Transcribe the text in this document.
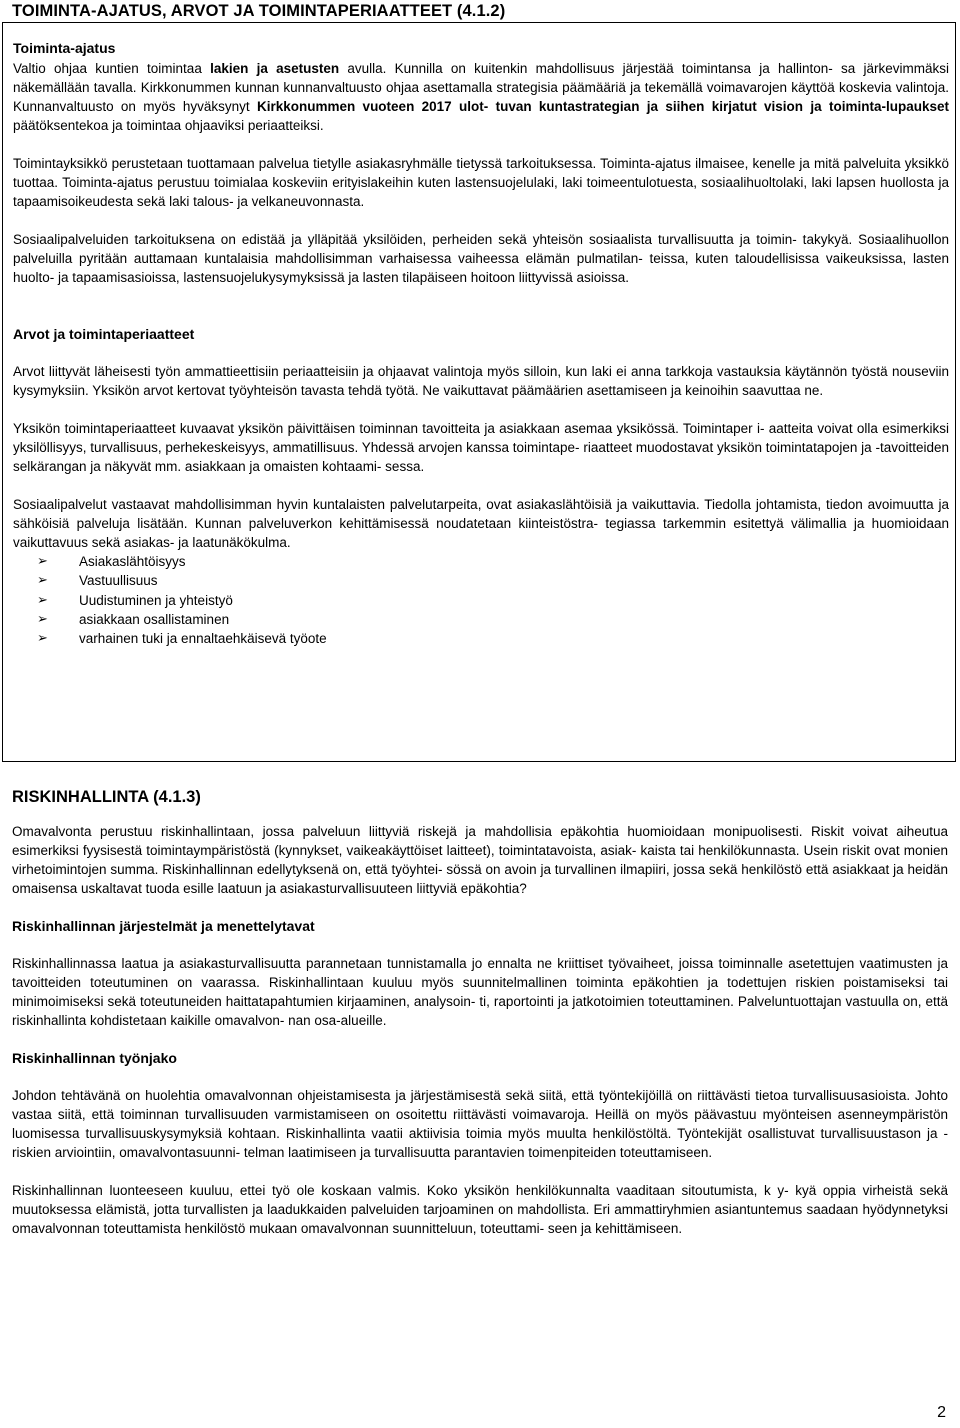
TOIMINTA-AJATUS, ARVOT JA TOIMINTAPERIAATTEET (4.1.2)

Toiminta-ajatus

Valtio ohjaa kuntien toimintaa lakien ja asetusten avulla. Kunnilla on kuitenkin mahdollisuus järjestää toimintansa ja hallinton- sa järkevimmäksi näkemällään tavalla. Kirkkonummen kunnan kunnanvaltuusto ohjaa asettamalla strategisia päämääriä ja tekemällä voimavarojen käyttöä koskevia valintoja. Kunnanvaltuusto on myös hyväksynyt Kirkkonummen vuoteen 2017 ulot- tuvan kuntastrategian ja siihen kirjatut vision ja toiminta-lupaukset päätöksentekoa ja toimintaa ohjaaviksi periaatteiksi.

Toimintayksikkö perustetaan tuottamaan palvelua tietylle asiakasryhmälle tietyssä tarkoituksessa. Toiminta-ajatus ilmaisee, kenelle ja mitä palveluita yksikkö tuottaa. Toiminta-ajatus perustuu toimialaa koskeviin erityislakeihin kuten lastensuojelulaki, laki toimeentulotuesta, sosiaalihuoltolaki, laki lapsen huollosta ja tapaamisoikeudesta sekä laki talous- ja velkaneuvonnasta.

Sosiaalipalveluiden tarkoituksena on edistää ja ylläpitää yksilöiden, perheiden sekä yhteisön sosiaalista turvallisuutta ja toimin- takykyä. Sosiaalihuollon palveluilla pyritään auttamaan kuntalaisia mahdollisimman varhaisessa vaiheessa elämän pulmatilan- teissa, kuten taloudellisissa vaikeuksissa, lasten huolto- ja tapaamisasioissa, lastensuojelukysymyksissä ja lasten tilapäiseen hoitoon liittyvissä asioissa.

Arvot ja toimintaperiaatteet

Arvot liittyvät läheisesti työn ammattieettisiin periaatteisiin ja ohjaavat valintoja myös silloin, kun laki ei anna tarkkoja vastauksia käytännön työstä nouseviin kysymyksiin. Yksikön arvot kertovat työyhteisön tavasta tehdä työtä. Ne vaikuttavat päämäärien asettamiseen ja keinoihin saavuttaa ne.

Yksikön toimintaperiaatteet kuvaavat yksikön päivittäisen toiminnan tavoitteita ja asiakkaan asemaa yksikössä. Toimintaper i- aatteita voivat olla esimerkiksi yksilöllisyys, turvallisuus, perhekeskeisyys, ammatillisuus. Yhdessä arvojen kanssa toimintape- riaatteet muodostavat yksikön toimintatapojen ja -tavoitteiden selkärangan ja näkyvät mm. asiakkaan ja omaisten kohtaami- sessa.

Sosiaalipalvelut vastaavat mahdollisimman hyvin kuntalaisten palvelutarpeita, ovat asiakaslähtöisiä ja vaikuttavia. Tiedolla johtamista, tiedon avoimuutta ja sähköisiä palveluja lisätään. Kunnan palveluverkon kehittämisessä noudatetaan kiinteistöstra- tegiassa tarkemmin esitettyä välimallia ja huomioidaan vaikuttavuus sekä asiakas- ja laatunäkökulma.

➢ Asiakaslähtöisyys
➢ Vastuullisuus
➢ Uudistuminen ja yhteistyö
➢ asiakkaan osallistaminen
➢ varhainen tuki ja ennaltaehkäisevä työote

RISKINHALLINTA (4.1.3)

Omavalvonta perustuu riskinhallintaan, jossa palveluun liittyviä riskejä ja mahdollisia epäkohtia huomioidaan monipuolisesti. Riskit voivat aiheutua esimerkiksi fyysisestä toimintaympäristöstä (kynnykset, vaikeakäyttöiset laitteet), toimintatavoista, asiak- kaista tai henkilökunnasta. Usein riskit ovat monien virhetoimintojen summa. Riskinhallinnan edellytyksenä on, että työyhtei- sössä on avoin ja turvallinen ilmapiiri, jossa sekä henkilöstö että asiakkaat ja heidän omaisensa uskaltavat tuoda esille laatuun ja asiakasturvallisuuteen liittyviä epäkohtia?

Riskinhallinnan järjestelmät ja menettelytavat

Riskinhallinnassa laatua ja asiakasturvallisuutta parannetaan tunnistamalla jo ennalta ne kriittiset työvaiheet, joissa toiminnalle asetettujen vaatimusten ja tavoitteiden toteutuminen on vaarassa. Riskinhallintaan kuuluu myös suunnitelmallinen toiminta epäkohtien ja todettujen riskien poistamiseksi tai minimoimiseksi sekä toteutuneiden haittatapahtumien kirjaaminen, analysoin- ti, raportointi ja jatkotoimien toteuttaminen. Palveluntuottajan vastuulla on, että riskinhallinta kohdistetaan kaikille omavalvon- nan osa-alueille.

Riskinhallinnan työnjako

Johdon tehtävänä on huolehtia omavalvonnan ohjeistamisesta ja järjestämisestä sekä siitä, että työntekijöillä on riittävästi tietoa turvallisuusasioista. Johto vastaa siitä, että toiminnan turvallisuuden varmistamiseen on osoitettu riittävästi voimavaroja. Heillä on myös päävastuu myönteisen asenneympäristön luomisessa turvallisuuskysymyksiä kohtaan. Riskinhallinta vaatii aktiivisia toimia myös muulta henkilöstöltä. Työntekijät osallistuvat turvallisuustason ja -riskien arviointiin, omavalvontasuunni- telman laatimiseen ja turvallisuutta parantavien toimenpiteiden toteuttamiseen.

Riskinhallinnan luonteeseen kuuluu, ettei työ ole koskaan valmis. Koko yksikön henkilökunnalta vaaditaan sitoutumista, k y- kyä oppia virheistä sekä muutoksessa elämistä, jotta turvallisten ja laadukkaiden palveluiden tarjoaminen on mahdollista. Eri ammattiryhmien asiantuntemus saadaan hyödynnetyksi omavalvonnan toteuttamista henkilöstö mukaan omavalvonnan suunnitteluun, toteuttami- seen ja kehittämiseen.

2
